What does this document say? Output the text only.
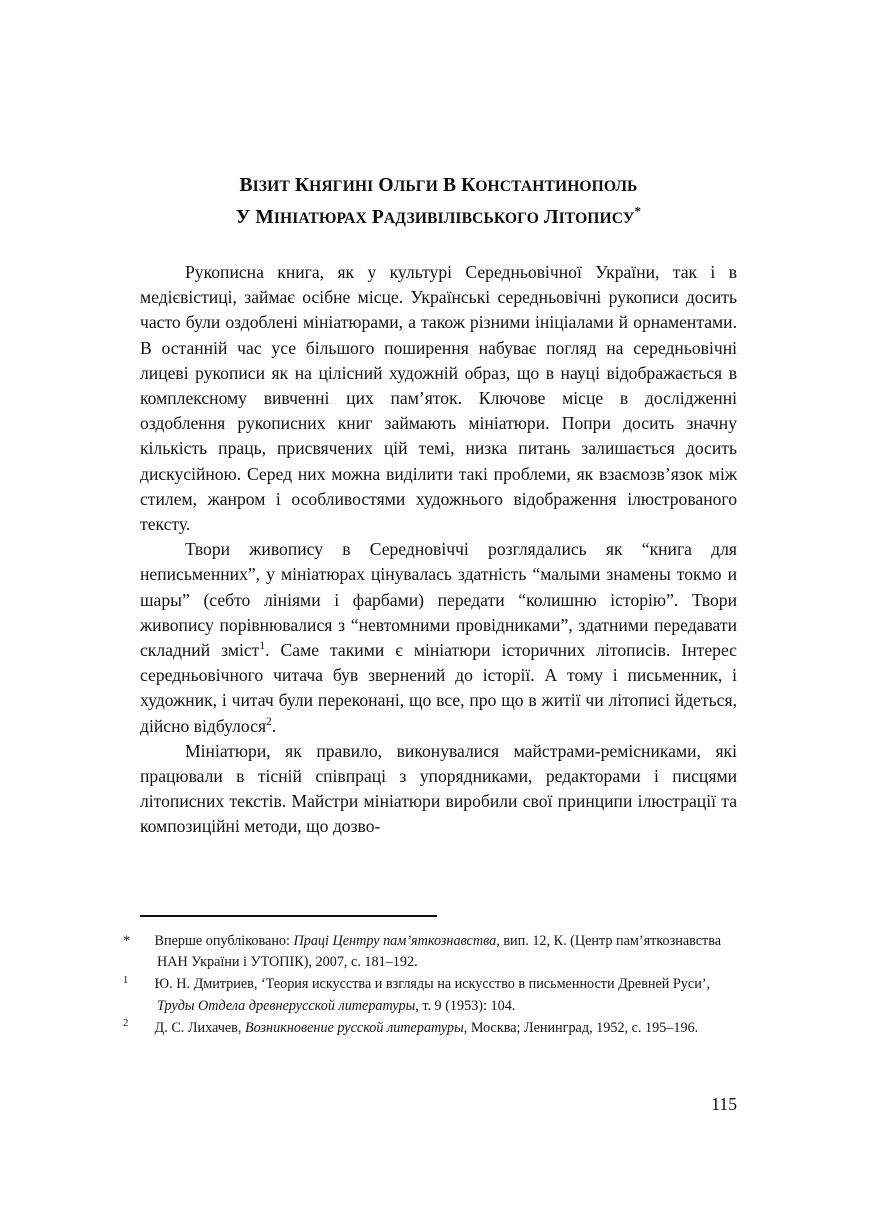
ВІЗИТ КНЯГИНІ ОЛЬГИ В КОНСТАНТИНОПОЛЬ
У МІНІАТЮРАХ РАДЗИВІЛІВСЬКОГО ЛІТОПИСУ*

Рукописна книга, як у культурі Середньовічної України, так і в медієвістиці, займає осібне місце. Українські середньовічні рукописи досить часто були оздоблені мініатюрами, а також різними ініціалами й орнаментами. В останній час усе більшого поширення набуває погляд на середньовічні лицеві рукописи як на цілісний художній образ, що в науці відображається в комплексному вивченні цих пам’яток. Ключове місце в дослідженні оздоблення рукописних книг займають мініатюри. Попри досить значну кількість праць, присвячених цій темі, низка питань залишається досить дискусійною. Серед них можна виділити такі проблеми, як взаємозв’язок між стилем, жанром і особливостями художнього відображення ілюстрованого тексту.

Твори живопису в Середновіччі розглядались як “книга для неписьменних”, у мініатюрах цінувалась здатність “малыми знамены токмо и шары” (себто лініями і фарбами) передати “колишню історію”. Твори живопису порівнювалися з “невтомними провідниками”, здатними передавати складний зміст$^1$. Саме такими є мініатюри історичних літописів. Інтерес середньовічного читача був звернений до історії. А тому і письменник, і художник, і читач були переконані, що все, про що в житії чи літописі йдеться, дійсно відбулося$^2$.

Мініатюри, як правило, виконувалися майстрами-ремісниками, які працювали в тісній співпраці з упорядниками, редакторами і писцями літописних текстів. Майстри мініатюри виробили свої принципи ілюстрації та композиційні методи, що дозво-

* Вперше опубліковано: Праці Центру пам’яткознавства, вип. 12, К. (Центр пам’яткознавства НАН України і УТОПІК), 2007, с. 181–192.

1 Ю. Н. Дмитриев, ‘Теория искусства и взгляды на искусство в письменности Древней Руси’, Труды Отдела древнерусской литературы, т. 9 (1953): 104.

2 Д. С. Лихачев, Возникновение русской литературы, Москва; Ленинград, 1952, с. 195–196.

115
